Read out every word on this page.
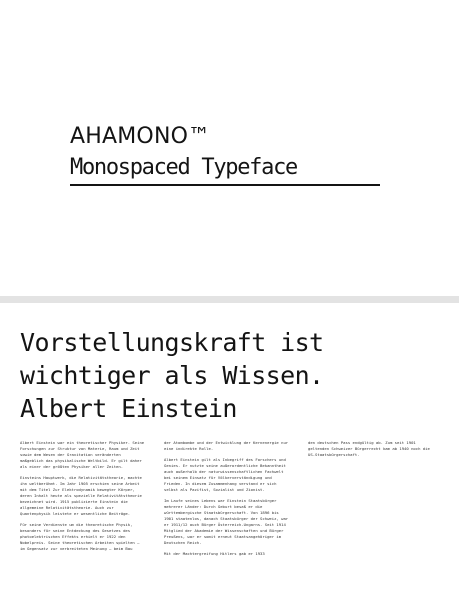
AHAMONO™
Monospaced Typeface
Vorstellungskraft ist
wichtiger als Wissen.
Albert Einstein

Albert Einstein war ein theoretischer Physiker. Seine Forschungen zur Struktur von Materie, Raum und Zeit sowie dem Wesen der Gravitation veränderten maßgeblich das physikalische Weltbild. Er gilt daher als einer der größten Physiker aller Zeiten.

Einsteins Hauptwerk, die Relativitätstheorie, machte ihn weltberühmt. Im Jahr 1905 erschien seine Arbeit mit dem Titel Zur Elektrodynamik bewegter Körper, deren Inhalt heute als spezielle Relativitätstheorie bezeichnet wird. 1915 publizierte Einstein die allgemeine Relativitätstheorie. Auch zur Quantenphysik leistete er wesentliche Beiträge.

Für seine Verdienste um die theoretische Physik, besonders für seine Entdeckung des Gesetzes des photoelektrischen Effekts erhielt er 1922 den Nobelpreis. Seine theoretischen Arbeiten spielten – im Gegensatz zur verbreiteten Meinung – beim Bau

der Atombombe und der Entwicklung der Kernenergie nur eine indirekte Rolle.

Albert Einstein gilt als Inbegriff des Forschers und Genies. Er nutzte seine außerordentliche Bekanntheit auch außerhalb der naturwissenschaftlichen Fachwelt bei seinem Einsatz für Völkerverständigung und Frieden. In diesem Zusammenhang verstand er sich selbst als Pazifist, Sozialist und Zionist.

Im Laufe seines Lebens war Einstein Staatsbürger mehrerer Länder: Durch Geburt besaß er die württembergische Staatsbürgerschaft. Von 1896 bis 1901 staatenlos, danach Staatsbürger der Schweiz, war er 1911/12 auch Bürger Österreich-Ungarns. Seit 1914 Mitglied der Akademie der Wissenschaften und Bürger Preußens, war er somit erneut Staatsangehöriger im Deutschen Reich.

Mit der Machtergreifung Hitlers gab er 1933

den deutschen Pass endgültig ab. Zum seit 1901 geltenden Schweizer Bürgerrecht kam ab 1940 noch die US-Staatsbürgerschaft.
